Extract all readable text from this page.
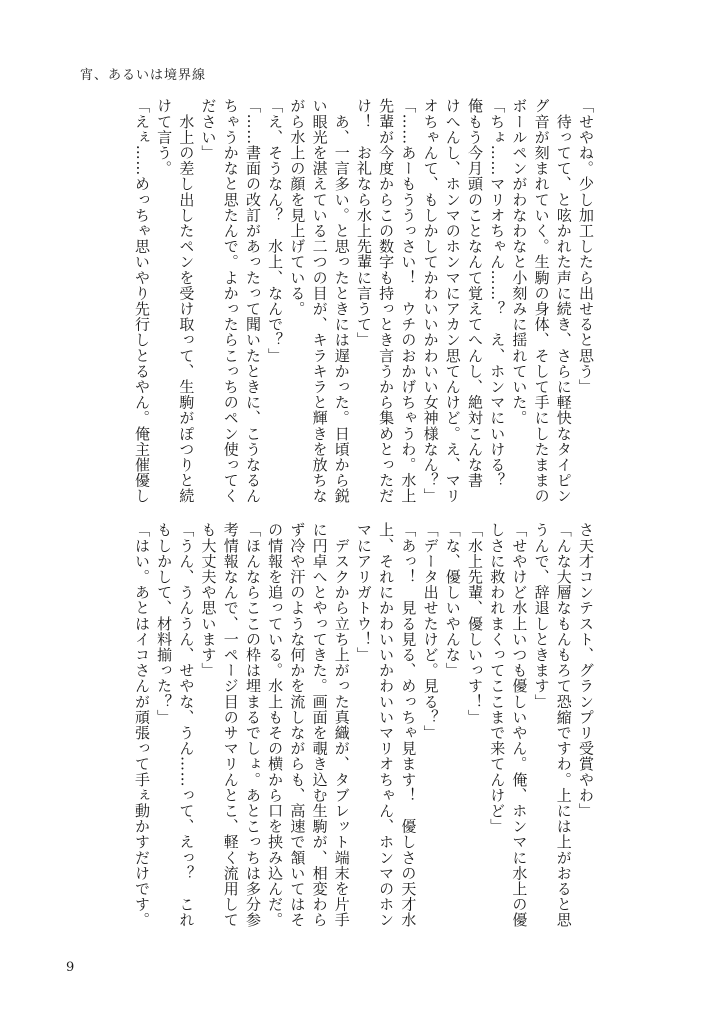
宵、あるいは境界線
「せやね。少し加工したら出せると思う」
　待ってて、と呟かれた声に続き、さらに軽快なタイピン
グ音が刻まれていく。生駒の身体、そして手にしたままの
ボールペンがわなわなと小刻みに揺れていた。
「ちょ……マリオちゃん……？　え、ホンマにいける？
俺もう今月頭のことなんて覚えてへんし、絶対こんな書
けへんし、ホンマのホンマにアカン思てんけど。え、マリ
オちゃんて、もしかしてかわいいかわいい女神様なん？」
「……あーもううっさい！　ウチのおかげちゃうわ。水上
先輩が今度からこの数字も持っとき言うから集めとっただ
け！　お礼なら水上先輩に言うて」
　あ、一言多い。と思ったときには遅かった。日頃から鋭
い眼光を湛えている二つの目が、キラキラと輝きを放ちな
がら水上の顔を見上げている。
「え、そうなん？　水上、なんで？」
「……書面の改訂があったって聞いたときに、こうなるん
ちゃうかなと思たんで。よかったらこっちのペン使ってく
ださい」
　水上の差し出したペンを受け取って、生駒がぽつりと続
けて言う。
「えぇ……めっちゃ思いやり先行しとるやん。俺主催優し
さ天才コンテスト、グランプリ受賞やわ」
「んな大層なもんもろて恐縮ですわ。上には上がおると思
うんで、辞退しときます」
「せやけど水上いつも優しいやん。俺、ホンマに水上の優
しさに救われまくってここまで来てんけど」
「水上先輩、優しいっす！」
「な、優しいやんな」
「データ出せたけど。見る？」
「あっ！　見る見る、めっちゃ見ます！　優しさの天才水
上、それにかわいいかわいいマリオちゃん、ホンマのホン
マにアリガトウ！」
　デスクから立ち上がった真織が、タブレット端末を片手
に円卓へとやってきた。画面を覗き込む生駒が、相変わら
ず冷や汗のような何かを流しながらも、高速で頷いてはそ
の情報を追っている。水上もその横から口を挟み込んだ。
「ほんならここの枠は埋まるでしょ。あとこっちは多分参
考情報なんで、一ページ目のサマリんとこ、軽く流用して
も大丈夫や思います」
「うん、うんうん、せやな、うん……って、えっ？　これ
もしかして、材料揃った？」
「はい。あとはイコさんが頑張って手ぇ動かすだけです。
9
